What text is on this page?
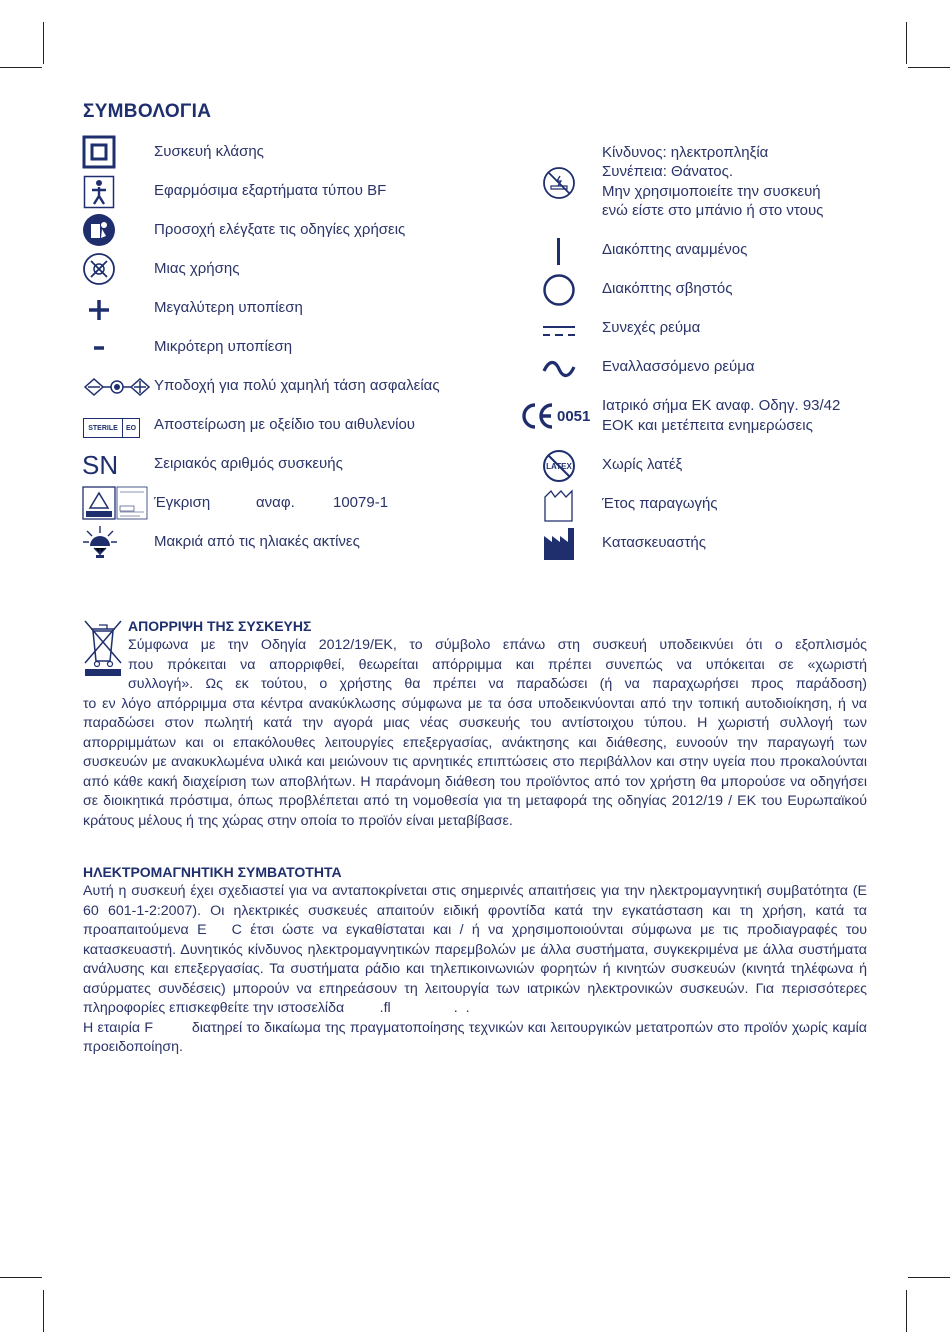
ΣΥΜΒΟΛΟΓΙΑ
STERILE	EO
SN
Συσκευή κλάσης
Εφαρμόσιμα εξαρτήματα τύπου BF
Προσοχή ελέγξατε τις οδηγίες χρήσεις
Μιας χρήσης
Μεγαλύτερη υποπίεση
Μικρότερη υποπίεση
Υποδοχή για πολύ χαμηλή τάση ασφαλείας
Αποστείρωση με οξείδιο του αιθυλενίου
Σειριακός αριθμός συσκευής
Έγκριση	αναφ.	10079-1
Μακριά από τις ηλιακές ακτίνες
0051
LATEX
Κίνδυνος: ηλεκτροπληξία
Συνέπεια: Θάνατος.
Μην χρησιμοποιείτε την συσκευή
ενώ είστε στο μπάνιο ή στο ντους
Διακόπτης αναμμένος
Διακόπτης σβηστός
Συνεχές ρεύμα
Εναλλασσόμενο ρεύμα
Ιατρικό σήμα ΕΚ αναφ. Οδηγ. 93/42
ΕΟΚ και μετέπειτα ενημερώσεις
Χωρίς λατέξ
Έτος παραγωγής
Κατασκευαστής
ΑΠΟΡΡΙΨΗ ΤΗΣ ΣΥΣΚΕΥΗΣ

Σύμφωνα με την Οδηγία 2012/19/ΕΚ, το σύμβολο επάνω στη συσκευή υποδεικνύει ότι ο εξοπλισμός

που πρόκειται να απορριφθεί, θεωρείται απόρριμμα και πρέπει συνεπώς να υπόκειται σε «χωριστή

συλλογή». Ως εκ τούτου, ο χρήστης θα πρέπει να παραδώσει (ή να παραχωρήσει προς παράδοση)

το εν λόγο απόρριμμα στα κέντρα ανακύκλωσης σύμφωνα με τα όσα υποδεικνύονται από την τοπική αυτοδιοίκηση, ή να παραδώσει στον πωλητή κατά την αγορά μιας νέας συσκευής του αντίστοιχου τύπου. Η χωριστή συλλογή των απορριμμάτων και οι επακόλουθες λειτουργίες επεξεργασίας, ανάκτησης και διάθεσης, ευνοούν την παραγωγή των συσκευών με ανακυκλωμένα υλικά και μειώνουν τις αρνητικές επιπτώσεις στο περιβάλλον και στην υγεία που προκαλούνται από κάθε κακή διαχείριση των αποβλήτων. Η παράνομη διάθεση του προϊόντος από τον χρήστη θα μπορούσε να οδηγήσει σε διοικητικά πρόστιμα, όπως προβλέπεται από τη νομοθεσία για τη μεταφορά της οδηγίας 2012/19 / ΕΚ του Ευρωπαϊκού κράτους μέλους ή της χώρας στην οποία το προϊόν είναι μεταβίβασε.

ΗΛΕΚΤΡΟΜΑΓΝΗΤΙΚΗ ΣΥΜΒΑΤΟΤΗΤΑ

Αυτή η συσκευή έχει σχεδιαστεί για να ανταποκρίνεται στις σημερινές απαιτήσεις για την ηλεκτρομαγνητική συμβατότητα (E     60 601-1-2:2007). Οι ηλεκτρικές συσκευές απαιτούν ειδική φροντίδα κατά την εγκατάσταση και τη χρήση, κατά τα προαπαιτούμενα E   C έτσι ώστε να εγκαθίσταται και / ή να χρησιμοποιούνται σύμφωνα με τις προδιαγραφές του κατασκευαστή. Δυνητικός κίνδυνος ηλεκτρομαγνητικών παρεμβολών με άλλα συστήματα, συγκεκριμένα με άλλα συστήματα ανάλυσης και επεξεργασίας. Τα συστήματα ράδιο και τηλεπικοινωνιών φορητών ή κινητών συσκευών (κινητά τηλέφωνα ή ασύρματες συνδέσεις) μπορούν να επηρεάσουν τη λειτουργία των ιατρικών ηλεκτρονικών συσκευών. Για περισσότερες πληροφορίες επισκεφθείτε την ιστοσελίδα         .fl                .  .

Η εταιρία F         διατηρεί το δικαίωμα της πραγματοποίησης τεχνικών και λειτουργικών μετατροπών στο προϊόν χωρίς καμία προειδοποίηση.
